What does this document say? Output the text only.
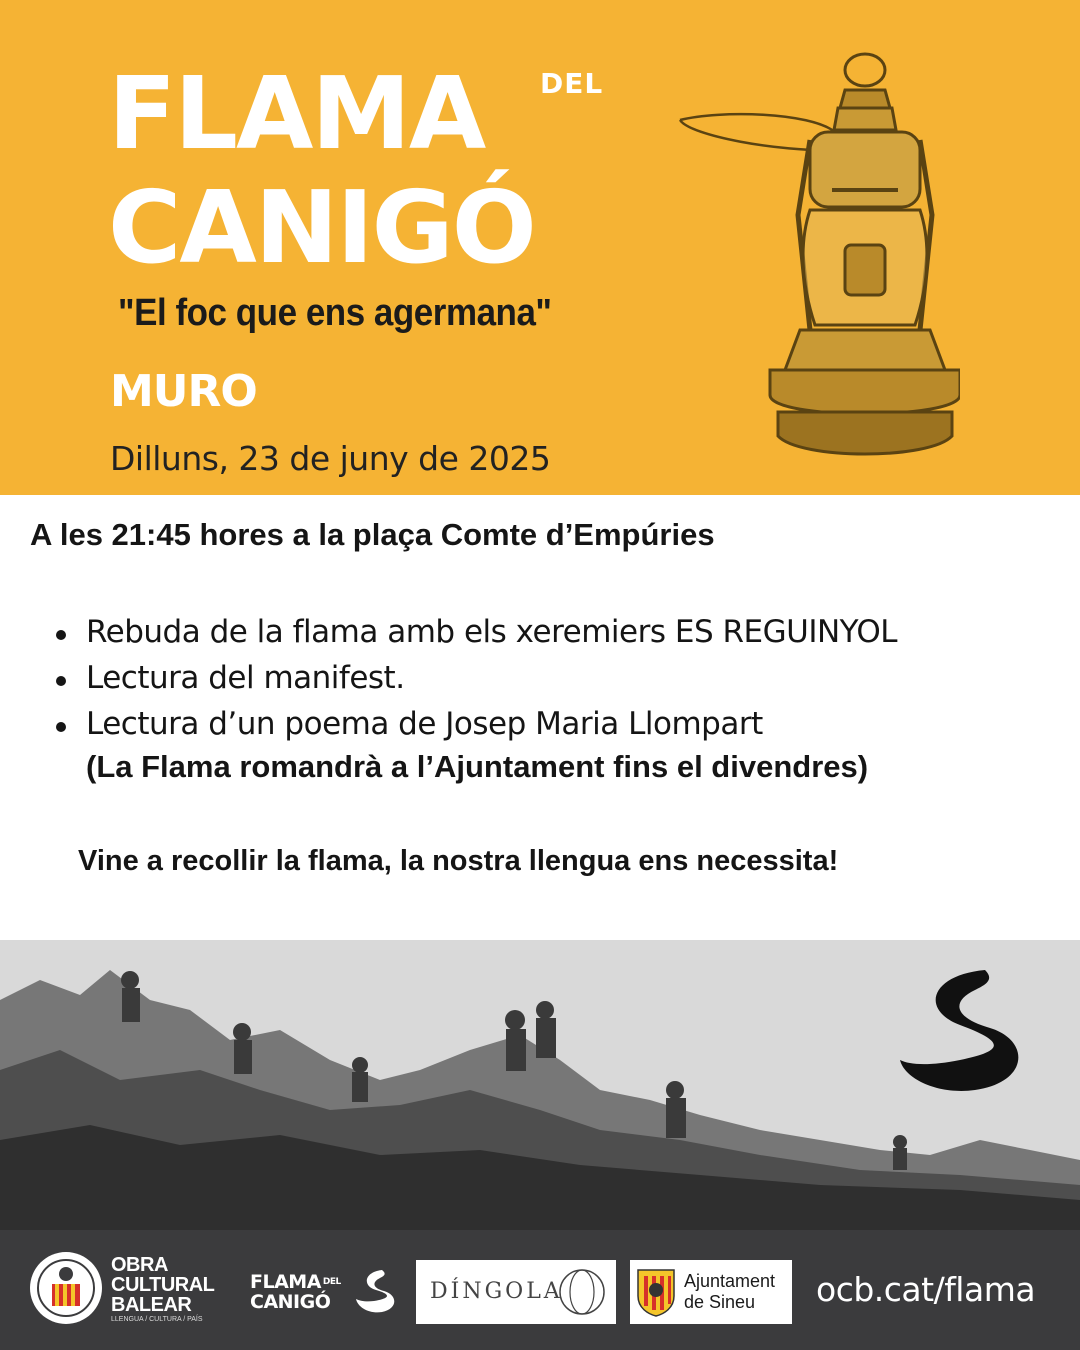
FLAMA DEL
CANIGÓ
"El foc que ens agermana"
MURO
Dilluns, 23 de juny de 2025
A les 21:45 hores a la plaça Comte d’Empúries
Rebuda de la flama amb els xeremiers ES REGUINYOL
Lectura del manifest.
Lectura d’un poema de Josep Maria Llompart
(La Flama romandrà a l’Ajuntament fins el divendres)
Vine a recollir la flama, la nostra llengua ens necessita!
OBRA
CULTURAL
BALEAR
LLENGUA / CULTURA / PAÍS
FLAMA $^{DEL}$
CANIGÓ	DÍNGOLA	Ajuntament
de Sineu	ocb.cat/flama
